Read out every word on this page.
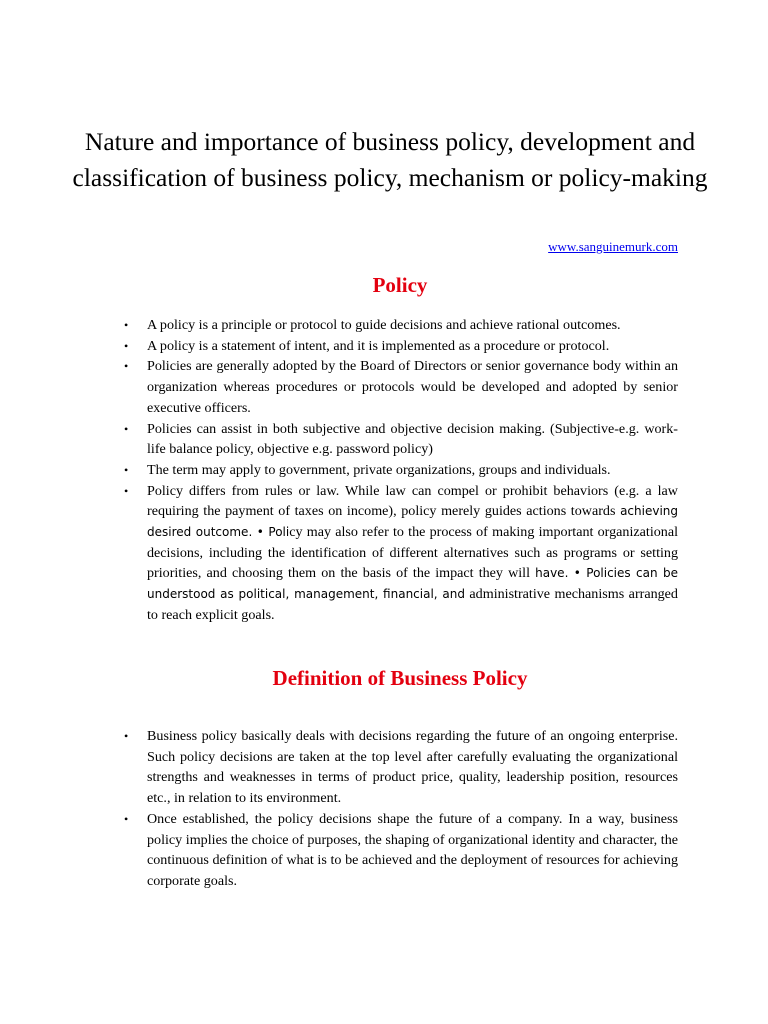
Nature and importance of business policy, development and classification of business policy, mechanism or policy-making
www.sanguinemurk.com
Policy
• A policy is a principle or protocol to guide decisions and achieve rational outcomes.
• A policy is a statement of intent, and it is implemented as a procedure or protocol.
• Policies are generally adopted by the Board of Directors or senior governance body within an organization whereas procedures or protocols would be developed and adopted by senior executive officers.
• Policies can assist in both subjective and objective decision making. (Subjective-e.g. work-life balance policy, objective e.g. password policy)
• The term may apply to government, private organizations, groups and individuals.
• Policy differs from rules or law. While law can compel or prohibit behaviors (e.g. a law requiring the payment of taxes on income), policy merely guides actions towards achieving desired outcome. • Policy may also refer to the process of making important organizational decisions, including the identification of different alternatives such as programs or setting priorities, and choosing them on the basis of the impact they will have. • Policies can be understood as political, management, financial, and administrative mechanisms arranged to reach explicit goals.
Definition of Business Policy
• Business policy basically deals with decisions regarding the future of an ongoing enterprise. Such policy decisions are taken at the top level after carefully evaluating the organizational strengths and weaknesses in terms of product price, quality, leadership position, resources etc., in relation to its environment.
• Once established, the policy decisions shape the future of a company. In a way, business policy implies the choice of purposes, the shaping of organizational identity and character, the continuous definition of what is to be achieved and the deployment of resources for achieving corporate goals.
